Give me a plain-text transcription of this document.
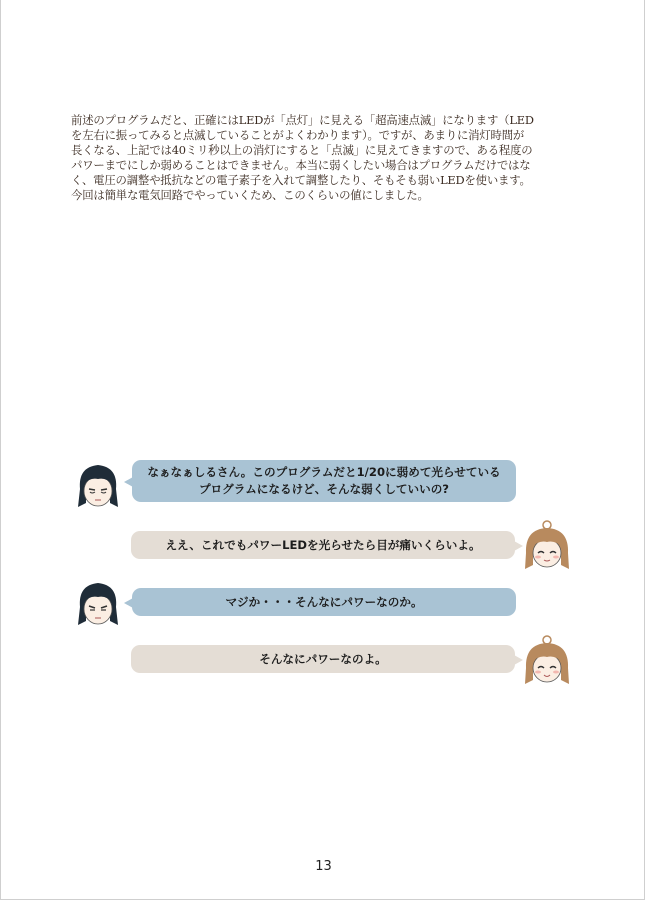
前述のプログラムだと、正確にはLEDが「点灯」に見える「超高速点滅」になります（LED
を左右に振ってみると点滅していることがよくわかります）。ですが、あまりに消灯時間が
長くなる、上記では40ミリ秒以上の消灯にすると「点滅」に見えてきますので、ある程度の
パワーまでにしか弱めることはできません。本当に弱くしたい場合はプログラムだけではな
く、電圧の調整や抵抗などの電子素子を入れて調整したり、そもそも弱いLEDを使います。
今回は簡単な電気回路でやっていくため、このくらいの値にしました。
なぁなぁしるさん。このプログラムだと1/20に弱めて光らせている
プログラムになるけど、そんな弱くしていいの?
ええ、これでもパワーLEDを光らせたら目が痛いくらいよ。
マジか・・・そんなにパワーなのか。
そんなにパワーなのよ。
13
